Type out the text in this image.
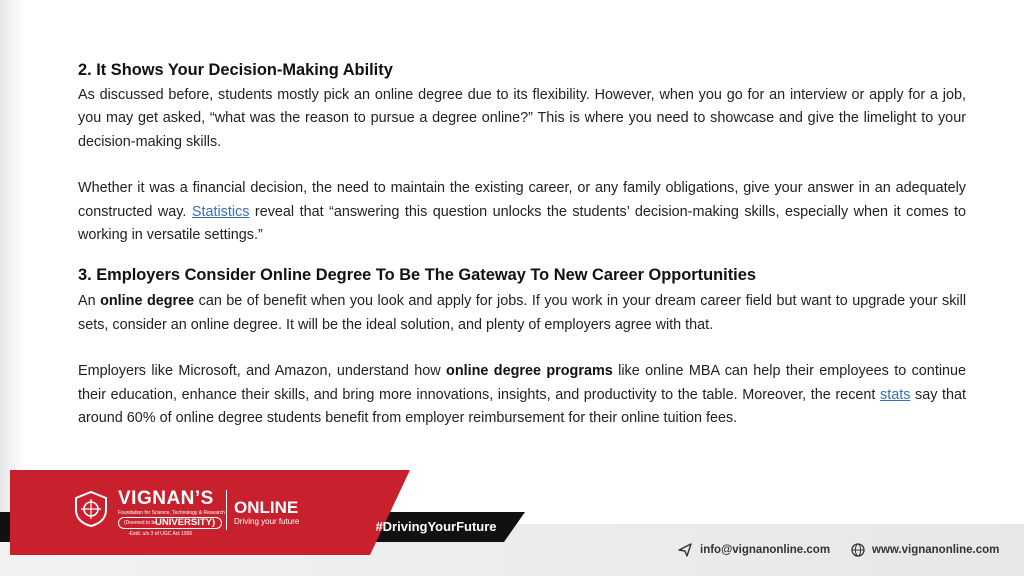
2. It Shows Your Decision-Making Ability

As discussed before, students mostly pick an online degree due to its flexibility. However, when you go for an interview or apply for a job, you may get asked, “what was the reason to pursue a degree online?” This is where you need to showcase and give the limelight to your decision-making skills.

Whether it was a financial decision, the need to maintain the existing career, or any family obligations, give your answer in an adequately constructed way. Statistics reveal that “answering this question unlocks the students’ decision-making skills, especially when it comes to working in versatile settings.”

3. Employers Consider Online Degree To Be The Gateway To New Career Opportunities

An online degree can be of benefit when you look and apply for jobs. If you work in your dream career field but want to upgrade your skill sets, consider an online degree. It will be the ideal solution, and plenty of employers agree with that.

Employers like Microsoft, and Amazon, understand how online degree programs like online MBA can help their employees to continue their education, enhance their skills, and bring more innovations, insights, and productivity to the table. Moreover, the recent stats say that around 60% of online degree students benefit from employer reimbursement for their online tuition fees.

VIGNAN’S
Foundation for Science, Technology & Research
(Deemed to be
UNIVERSITY)
-Estd. u/s 3 of UGC Act 1956
ONLINE
Driving your future	#DrivingYourFuture
info@vignanonline.com	www.vignanonline.com
